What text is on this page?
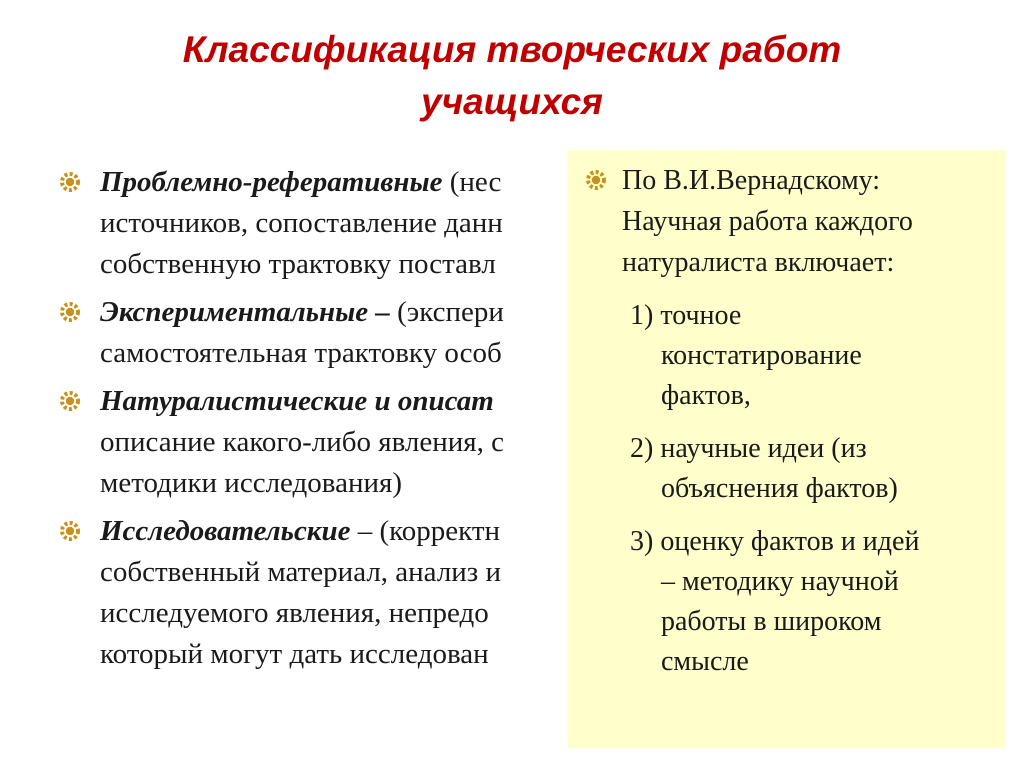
Классификация творческих работ
учащихся
Проблемно-реферативные (нес
источников, сопоставление данн
собственную трактовку поставл
Экспериментальные – (экспери
самостоятельная трактовку особ
Натуралистические и описат
описание какого-либо явления, с
методики исследования)
Исследовательские – (корректн
собственный материал, анализ и
исследуемого явления, непредо
который могут дать исследован
По В.И.Вернадскому:
Научная работа каждого
натуралиста включает:
1) точное
констатирование
фактов,
2) научные идеи (из
объяснения фактов)
3) оценку фактов и идей
– методику научной
работы в широком
смысле
